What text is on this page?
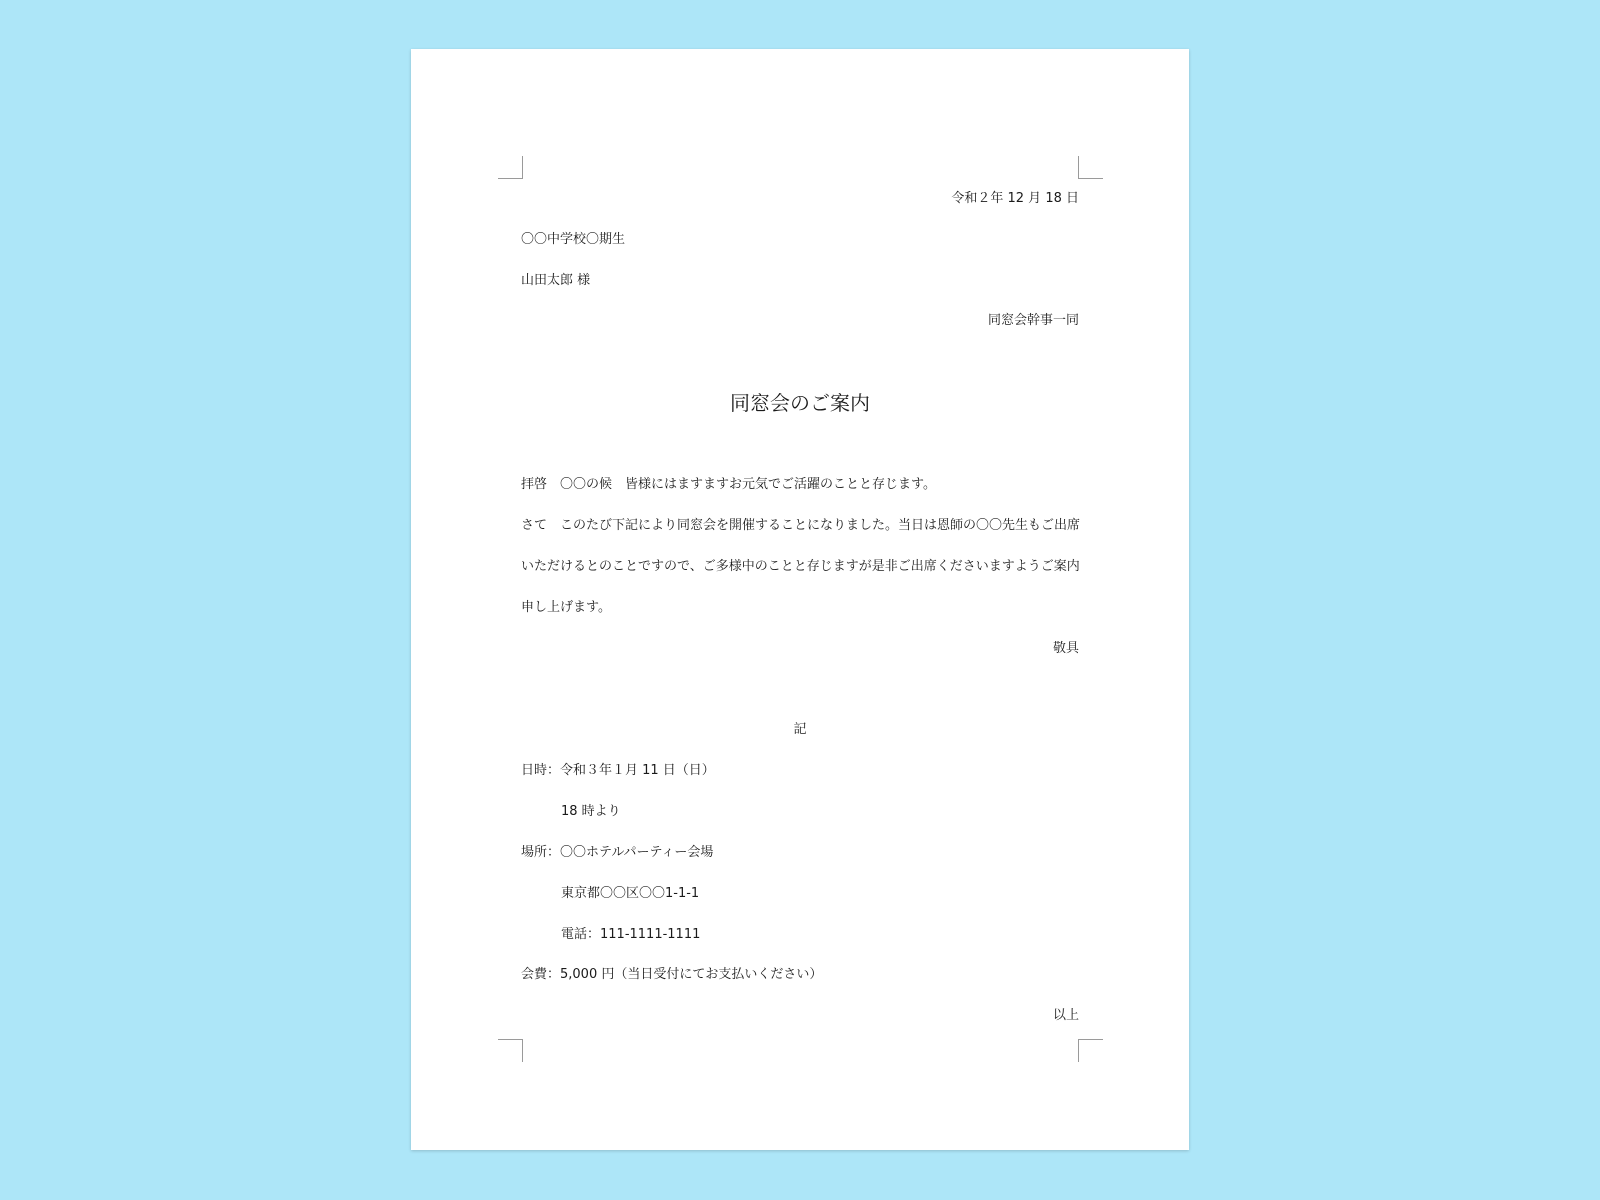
令和２年 12 月 18 日
〇〇中学校〇期生
山田太郎 様
同窓会幹事一同
同窓会のご案内
拝啓　〇〇の候　皆様にはますますお元気でご活躍のことと存じます。
さて　このたび下記により同窓会を開催することになりました。当日は恩師の〇〇先生もご出席
いただけるとのことですので、ご多様中のことと存じますが是非ご出席くださいますようご案内
申し上げます。
敬具
記
日時：令和３年１月 11 日（日）
18 時より
場所：〇〇ホテルパーティー会場
東京都〇〇区〇〇1-1-1
電話：111-1111-1111
会費：5,000 円（当日受付にてお支払いください）
以上
